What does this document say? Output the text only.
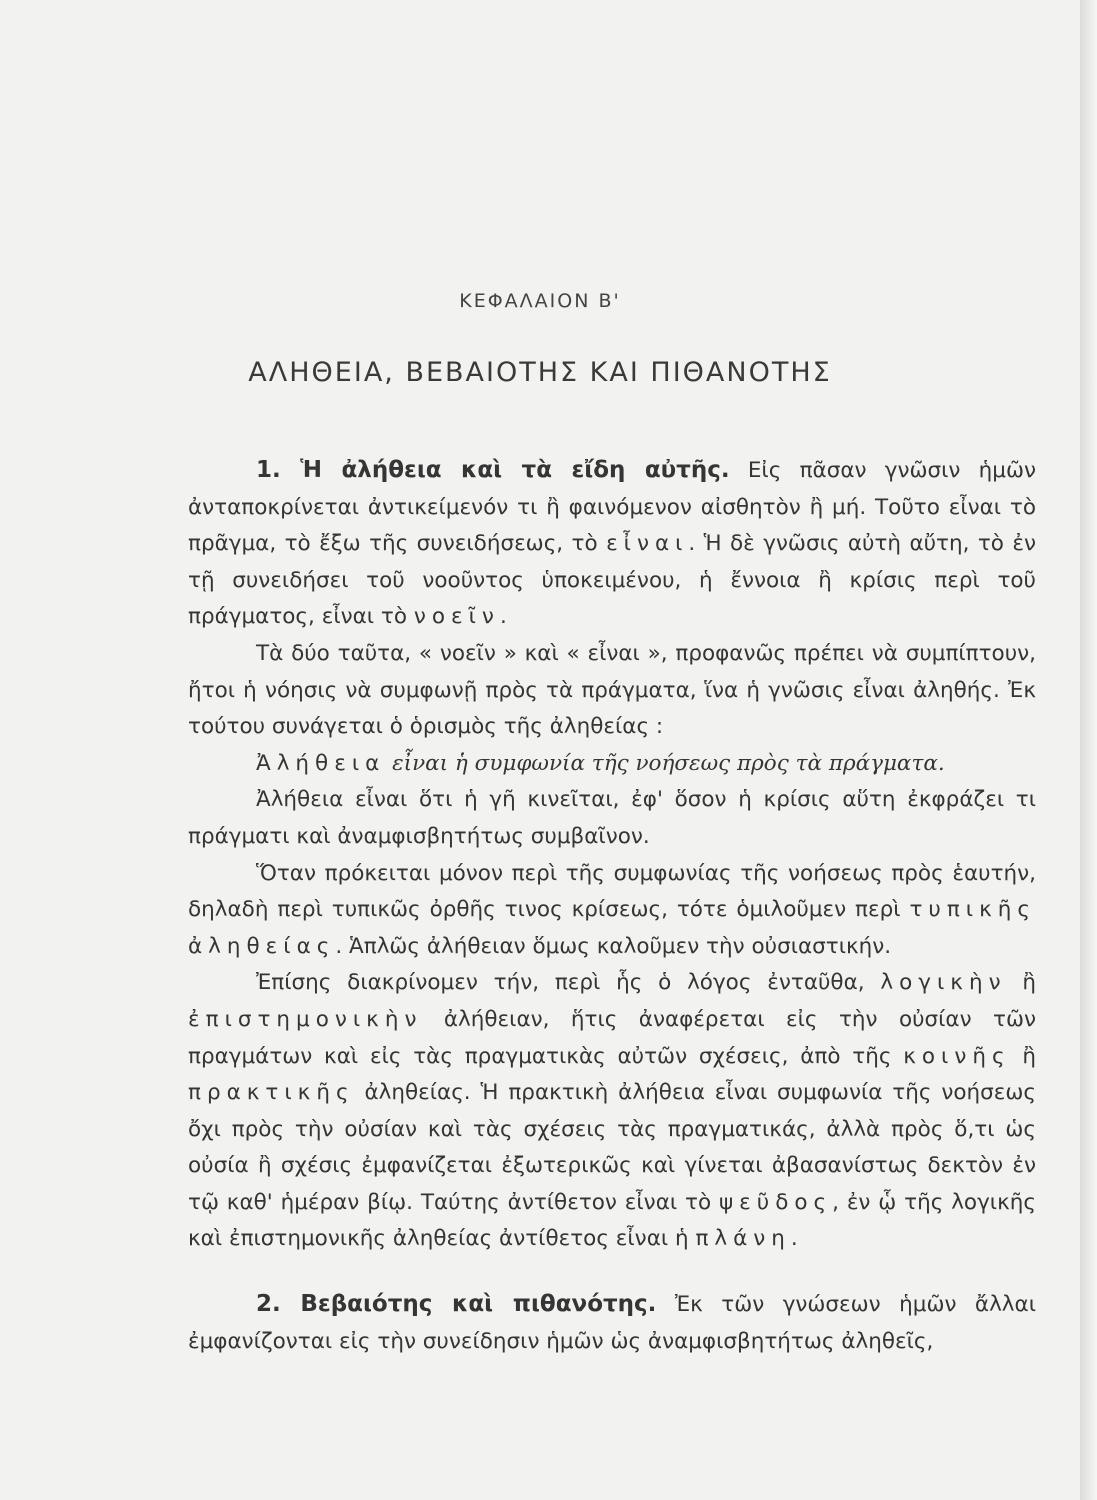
ΚΕΦΑΛΑΙΟΝ Β'
ΑΛΗΘΕΙΑ, ΒΕΒΑΙΟΤΗΣ ΚΑΙ ΠΙΘΑΝΟΤΗΣ

1. Ἡ ἀλήθεια καὶ τὰ εἴδη αὐτῆς. Εἰς πᾶσαν γνῶσιν ἡμῶν ἀνταποκρίνεται ἀντικείμενόν τι ἢ φαινόμενον αἰσθητὸν ἢ μή. Τοῦτο εἶναι τὸ πρᾶγμα, τὸ ἔξω τῆς συνειδήσεως, τὸ εἶναι. Ἡ δὲ γνῶσις αὐτὴ αὔτη, τὸ ἐν τῇ συνειδήσει τοῦ νοοῦντος ὑποκειμένου, ἡ ἔννοια ἢ κρίσις περὶ τοῦ πράγματος, εἶναι τὸ νοεῖν.

Τὰ δύο ταῦτα, « νοεῖν » καὶ « εἶναι », προφανῶς πρέπει νὰ συμπίπτουν, ἤτοι ἡ νόησις νὰ συμφωνῇ πρὸς τὰ πράγματα, ἵνα ἡ γνῶσις εἶναι ἀληθής. Ἐκ τούτου συνάγεται ὁ ὁρισμὸς τῆς ἀληθείας :

Ἀλήθεια εἶναι ἡ συμφωνία τῆς νοήσεως πρὸς τὰ πράγματα.

Ἀλήθεια εἶναι ὅτι ἡ γῆ κινεῖται, ἐφ' ὅσον ἡ κρίσις αὕτη ἐκφράζει τι πράγματι καὶ ἀναμφισβητήτως συμβαῖνον.

Ὅταν πρόκειται μόνον περὶ τῆς συμφωνίας τῆς νοήσεως πρὸς ἑαυτήν, δηλαδὴ περὶ τυπικῶς ὀρθῆς τινος κρίσεως, τότε ὁμιλοῦμεν περὶ τυπικῆς ἀληθείας. Ἁπλῶς ἀλήθειαν ὅμως καλοῦμεν τὴν οὐσιαστικήν.

Ἐπίσης διακρίνομεν τήν, περὶ ἧς ὁ λόγος ἐνταῦθα, λογικὴν ἢ ἐπιστημονικὴν ἀλήθειαν, ἥτις ἀναφέρεται εἰς τὴν οὐσίαν τῶν πραγμάτων καὶ εἰς τὰς πραγματικὰς αὐτῶν σχέσεις, ἀπὸ τῆς κοινῆς ἢ πρακτικῆς ἀληθείας. Ἡ πρακτικὴ ἀλήθεια εἶναι συμφωνία τῆς νοήσεως ὄχι πρὸς τὴν οὐσίαν καὶ τὰς σχέσεις τὰς πραγματικάς, ἀλλὰ πρὸς ὅ,τι ὡς οὐσία ἢ σχέσις ἐμφανίζεται ἐξωτερικῶς καὶ γίνεται ἀβασανίστως δεκτὸν ἐν τῷ καθ' ἡμέραν βίῳ. Ταύτης ἀντίθετον εἶναι τὸ ψεῦδος, ἐν ᾧ τῆς λογικῆς καὶ ἐπιστημονικῆς ἀληθείας ἀντίθετος εἶναι ἡ πλάνη.

2. Βεβαιότης καὶ πιθανότης. Ἐκ τῶν γνώσεων ἡμῶν ἄλλαι ἐμφανίζονται εἰς τὴν συνείδησιν ἡμῶν ὡς ἀναμφισβητήτως ἀληθεῖς,
